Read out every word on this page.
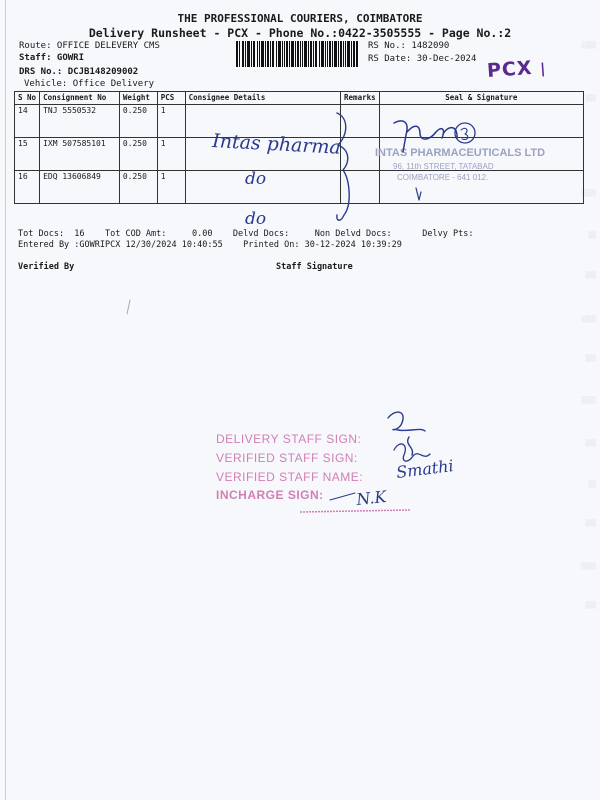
░░░░
░░░
░░░░
░░
░░░
░░░░
░░░
░░░░
░░░
░░
░░░
░░░░
░░░
THE PROFESSIONAL COURIERS, COIMBATORE
Delivery Runsheet - PCX - Phone No.:0422-3505555 - Page No.:2
Route: OFFICE DELEVERY CMS
Staff: GOWRI
DRS No.: DCJB148209002
Vehicle: Office Delivery
RS No.: 1482090
RS Date: 30-Dec-2024 PCX |
S No	Consignment No	Weight	PCS	Consignee Details	Remarks	Seal & Signature
14	TNJ 5550532	0.250	1			
15	IXM 507585101	0.250	1			
16	EDQ 13606849	0.250	1			
INTAS PHARMACEUTICALS LTD
96, 11th STREET, TATABAD
COIMBATORE - 641 012.
Intas pharma
do
do
Smathi
N.K
Tot Docs:  16    Tot COD Amt:     0.00    Delvd Docs:     Non Delvd Docs:      Delvy Pts:
Entered By :GOWRIPCX 12/30/2024 10:40:55    Printed On: 30-12-2024 10:39:29
Verified By	Staff Signature
DELIVERY STAFF SIGN:
VERIFIED STAFF SIGN:
VERIFIED STAFF NAME:
INCHARGE SIGN:
